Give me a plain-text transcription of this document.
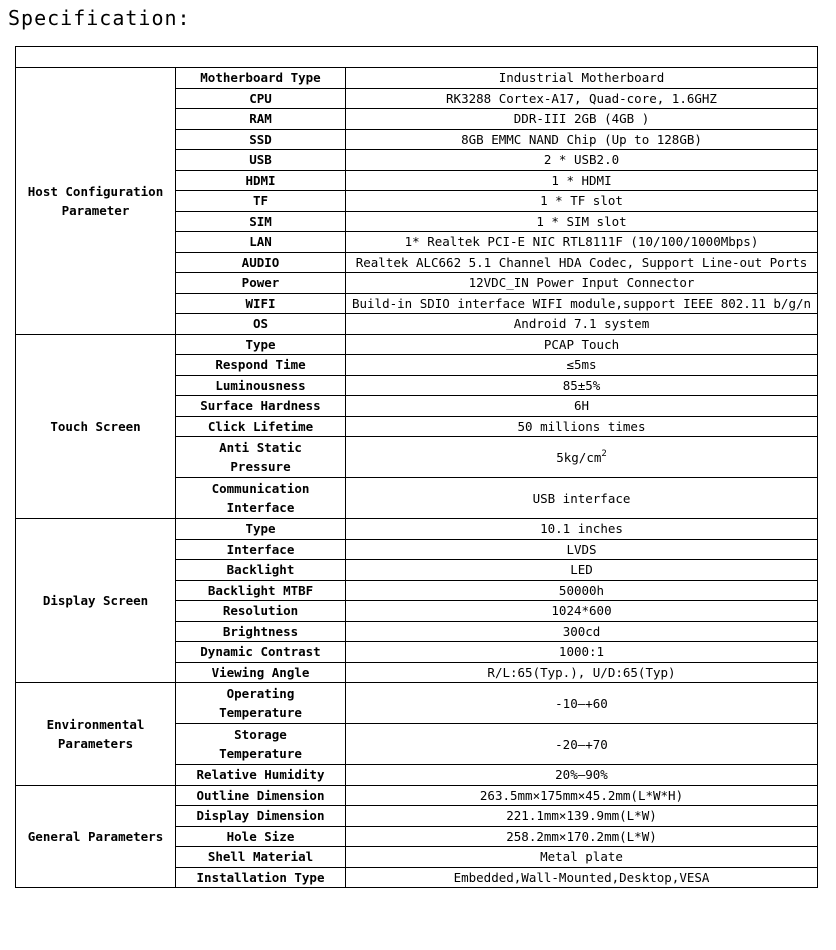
Specification:

Host Configuration
Parameter	Motherboard Type	Industrial Motherboard
	CPU	RK3288 Cortex-A17, Quad-core, 1.6GHZ
	RAM	DDR-III 2GB (4GB )
	SSD	8GB EMMC NAND Chip (Up to 128GB)
	USB	2 * USB2.0
	HDMI	1 * HDMI
	TF	1 * TF slot
	SIM	1 * SIM slot
	LAN	1* Realtek PCI-E NIC RTL8111F (10/100/1000Mbps)
	AUDIO	Realtek ALC662 5.1 Channel HDA Codec, Support Line-out Ports
	Power	12VDC_IN Power Input Connector
	WIFI	Build-in SDIO interface WIFI module,support IEEE 802.11 b/g/n
	OS	Android 7.1 system
Touch Screen	Type	PCAP Touch
	Respond Time	≤5ms
	Luminousness	85±5%
	Surface Hardness	6H
	Click Lifetime	50 millions times
	Anti Static
Pressure	$5kg/cm^2$
	Communication
Interface	USB interface
Display Screen	Type	10.1 inches
	Interface	LVDS
	Backlight	LED
	Backlight MTBF	50000h
	Resolution	1024*600
	Brightness	300cd
	Dynamic Contrast	1000:1
	Viewing Angle	R/L:65(Typ.), U/D:65(Typ)
Environmental
Parameters	Operating
Temperature	-10—+60
	Storage
Temperature	-20—+70
	Relative Humidity	20%—90%
General Parameters	Outline Dimension	263.5mm×175mm×45.2mm(L*W*H)
	Display Dimension	221.1mm×139.9mm(L*W)
	Hole Size	258.2mm×170.2mm(L*W)
	Shell Material	Metal plate
	Installation Type	Embedded,Wall-Mounted,Desktop,VESA
